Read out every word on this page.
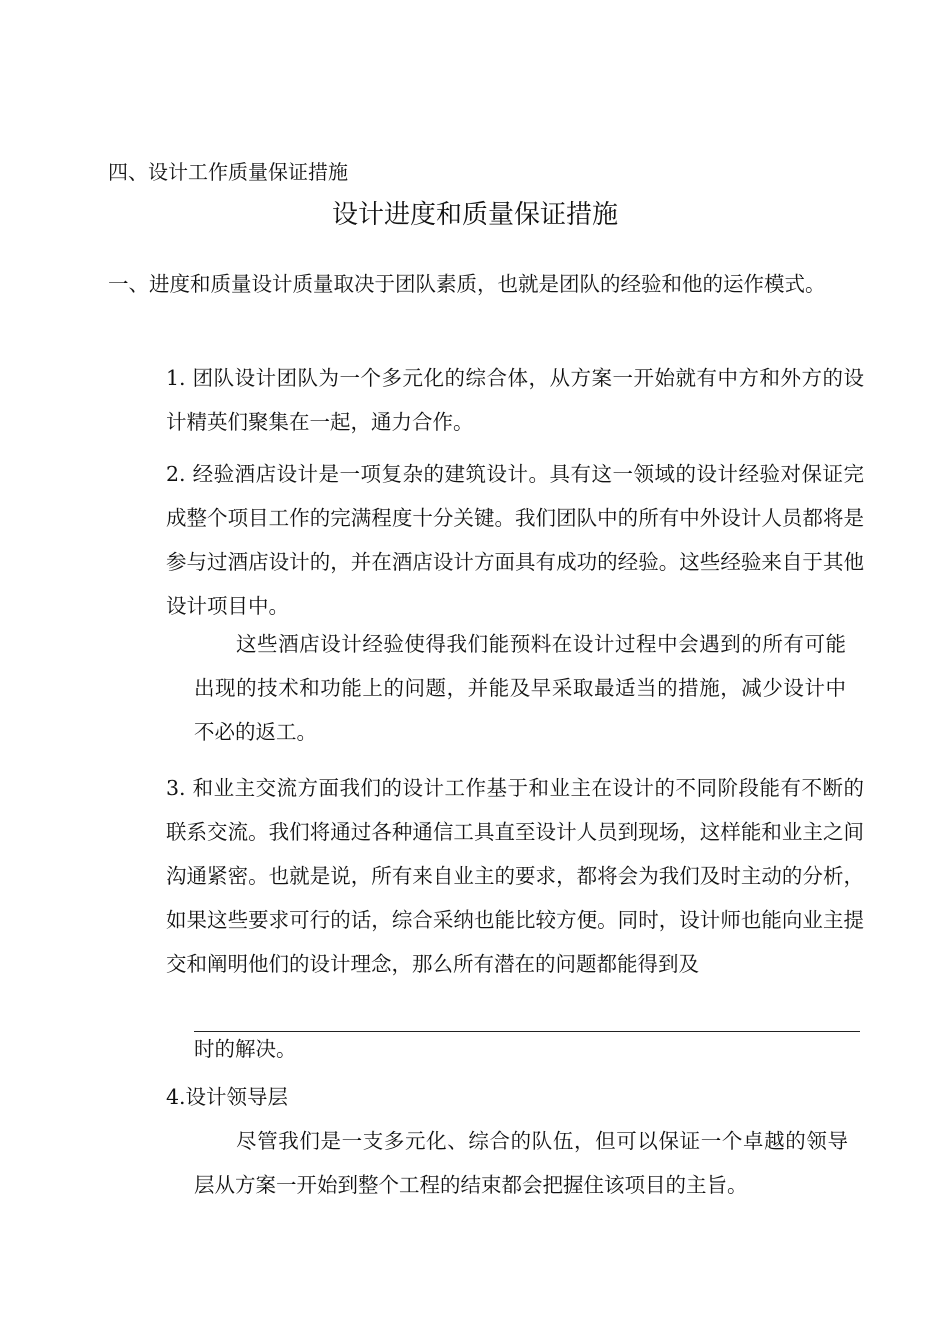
四、设计工作质量保证措施

设计进度和质量保证措施

一、进度和质量设计质量取决于团队素质，也就是团队的经验和他的运作模式。

1. 团队设计团队为一个多元化的综合体，从方案一开始就有中方和外方的设计精英们聚集在一起，通力合作。

2. 经验酒店设计是一项复杂的建筑设计。具有这一领域的设计经验对保证完成整个项目工作的完满程度十分关键。我们团队中的所有中外设计人员都将是参与过酒店设计的，并在酒店设计方面具有成功的经验。这些经验来自于其他设计项目中。

这些酒店设计经验使得我们能预料在设计过程中会遇到的所有可能出现的技术和功能上的问题，并能及早采取最适当的措施，减少设计中不必的返工。

3. 和业主交流方面我们的设计工作基于和业主在设计的不同阶段能有不断的联系交流。我们将通过各种通信工具直至设计人员到现场，这样能和业主之间沟通紧密。也就是说，所有来自业主的要求，都将会为我们及时主动的分析，如果这些要求可行的话，综合采纳也能比较方便。同时，设计师也能向业主提交和阐明他们的设计理念，那么所有潜在的问题都能得到及

时的解决。

4.设计领导层

尽管我们是一支多元化、综合的队伍，但可以保证一个卓越的领导层从方案一开始到整个工程的结束都会把握住该项目的主旨。
